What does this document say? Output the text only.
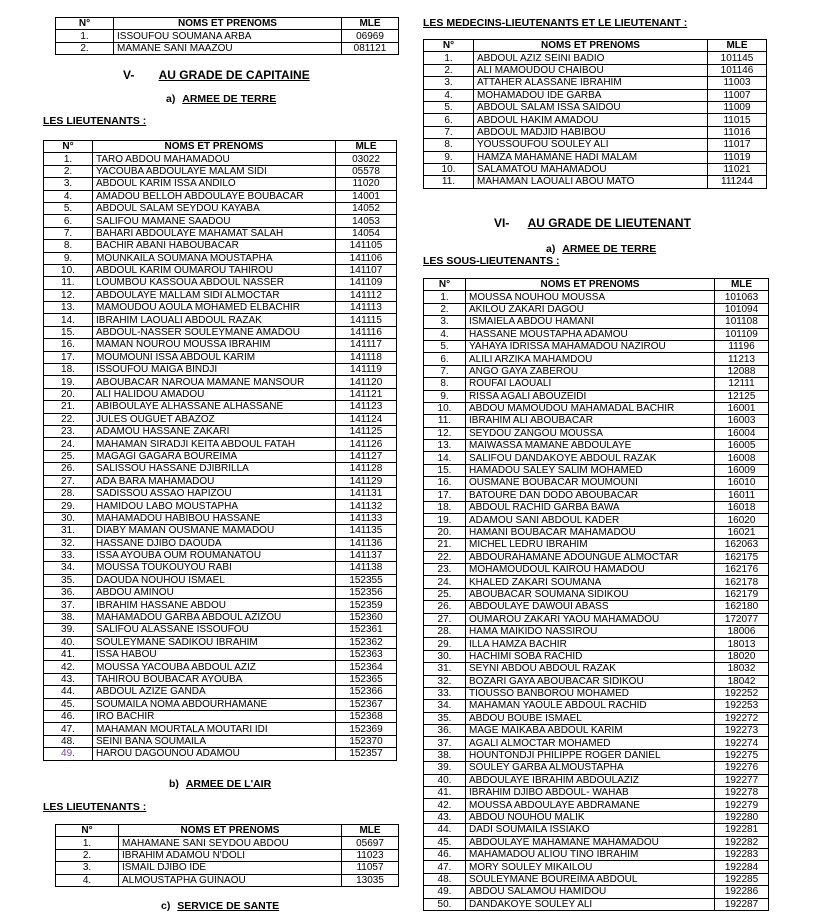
N°	NOMS ET PRENOMS	MLE
1.	ISSOUFOU SOUMANA ARBA	06969
2.	MAMANE SANI MAAZOU	081121
V- AU GRADE DE CAPITAINE
a) ARMEE DE TERRE
LES LIEUTENANTS :
N°	NOMS ET PRENOMS	MLE
1.	TARO ABDOU MAHAMADOU	03022
2.	YACOUBA ABDOULAYE MALAM SIDI	05578
3.	ABDOUL KARIM ISSA ANDILO	11020
4.	AMADOU BELLOH ABDOULAYE BOUBACAR	14001
5.	ABDOUL SALAM SEYDOU KAYABA	14052
6.	SALIFOU MAMANE SAADOU	14053
7.	BAHARI ABDOULAYE MAHAMAT SALAH	14054
8.	BACHIR ABANI HABOUBACAR	141105
9.	MOUNKAILA SOUMANA MOUSTAPHA	141106
10.	ABDOUL KARIM OUMAROU TAHIROU	141107
11.	LOUMBOU KASSOUA ABDOUL NASSER	141109
12.	ABDOULAYE MALLAM SIDI ALMOCTAR	141112
13.	MAMOUDOU AOULA MOHAMED ELBACHIR	141113
14.	IBRAHIM LAOUALI ABDOUL RAZAK	141115
15.	ABDOUL-NASSER SOULEYMANE AMADOU	141116
16.	MAMAN NOUROU MOUSSA IBRAHIM	141117
17.	MOUMOUNI ISSA ABDOUL KARIM	141118
18.	ISSOUFOU MAIGA BINDJI	141119
19.	ABOUBACAR NAROUA MAMANE MANSOUR	141120
20.	ALI HALIDOU AMADOU	141121
21.	ABIBOULAYE ALHASSANE ALHASSANE	141123
22.	JULES OUGUET ABAZOZ	141124
23.	ADAMOU HASSANE ZAKARI	141125
24.	MAHAMAN SIRADJI KEITA ABDOUL FATAH	141126
25.	MAGAGI GAGARA BOUREIMA	141127
26.	SALISSOU HASSANE DJIBRILLA	141128
27.	ADA BARA MAHAMADOU	141129
28.	SADISSOU ASSAO HAPIZOU	141131
29.	HAMIDOU LABO MOUSTAPHA	141132
30.	MAHAMADOU HABIBOU HASSANE	141133
31.	DIABY MAMAN OUSMANE MAMADOU	141135
32.	HASSANE DJIBO DAOUDA	141136
33.	ISSA AYOUBA OUM ROUMANATOU	141137
34.	MOUSSA TOUKOUYOU RABI	141138
35.	DAOUDA NOUHOU ISMAEL	152355
36.	ABDOU AMINOU	152356
37.	IBRAHIM HASSANE ABDOU	152359
38.	MAHAMADOU GARBA ABDOUL AZIZOU	152360
39.	SALIFOU ALASSANE ISSOUFOU	152361
40.	SOULEYMANE SADIKOU IBRAHIM	152362
41.	ISSA HABOU	152363
42.	MOUSSA YACOUBA ABDOUL AZIZ	152364
43.	TAHIROU BOUBACAR AYOUBA	152365
44.	ABDOUL AZIZE GANDA	152366
45.	SOUMAILA NOMA ABDOURHAMANE	152367
46.	IRO BACHIR	152368
47.	MAHAMAN MOURTALA MOUTARI IDI	152369
48.	SEINI BANA SOUMAILA	152370
49.	HAROU DAGOUNOU ADAMOU	152357
b) ARMEE DE L'AIR
LES LIEUTENANTS :
N°	NOMS ET PRENOMS	MLE
1.	MAHAMANE SANI SEYDOU ABDOU	05697
2.	IBRAHIM ADAMOU N'DOLI	11023
3.	ISMAIL DJIBO IDE	11057
4.	ALMOUSTAPHA GUINAOU	13035
c) SERVICE DE SANTE
LES MEDECINS-LIEUTENANTS ET LE LIEUTENANT :
N°	NOMS ET PRENOMS	MLE
1.	ABDOUL AZIZ SEINI BADIO	101145
2.	ALI MAMOUDOU CHAIBOU	101146
3.	ATTAHER ALASSANE IBRAHIM	11003
4.	MOHAMADOU IDE GARBA	11007
5.	ABDOUL SALAM ISSA SAIDOU	11009
6.	ABDOUL HAKIM AMADOU	11015
7.	ABDOUL MADJID HABIBOU	11016
8.	YOUSSOUFOU SOULEY ALI	11017
9.	HAMZA MAHAMANE HADI MALAM	11019
10.	SALAMATOU MAHAMADOU	11021
11.	MAHAMAN LAOUALI ABOU MATO	111244
VI- AU GRADE DE LIEUTENANT
a) ARMEE DE TERRE
LES SOUS-LIEUTENANTS :
N°	NOMS ET PRENOMS	MLE
1.	MOUSSA NOUHOU MOUSSA	101063
2.	AKILOU ZAKARI DAGOU	101094
3.	ISMAIELA ABDOU HAMANI	101108
4.	HASSANE MOUSTAPHA ADAMOU	101109
5.	YAHAYA IDRISSA MAHAMADOU NAZIROU	11196
6.	ALILI ARZIKA MAHAMDOU	11213
7.	ANGO GAYA ZABEROU	12088
8.	ROUFAI LAOUALI	12111
9.	RISSA AGALI ABOUZEIDI	12125
10.	ABDOU MAMOUDOU MAHAMADAL BACHIR	16001
11.	IBRAHIM ALI ABOUBACAR	16003
12.	SEYDOU ZANGOU MOUSSA	16004
13.	MAIWASSA MAMANE ABDOULAYE	16005
14.	SALIFOU DANDAKOYE ABDOUL RAZAK	16008
15.	HAMADOU SALEY SALIM MOHAMED	16009
16.	OUSMANE BOUBACAR MOUMOUNI	16010
17.	BATOURE DAN DODO ABOUBACAR	16011
18.	ABDOUL RACHID GARBA BAWA	16018
19.	ADAMOU SANI ABDOUL KADER	16020
20.	HAMANI BOUBACAR MAHAMADOU	16021
21.	MICHEL LEDRU IBRAHIM	162063
22.	ABDOURAHAMANE ADOUNGUE ALMOCTAR	162175
23.	MOHAMOUDOUL KAIROU HAMADOU	162176
24.	KHALED ZAKARI SOUMANA	162178
25.	ABOUBACAR SOUMANA SIDIKOU	162179
26.	ABDOULAYE DAWOUI ABASS	162180
27.	OUMAROU ZAKARI YAOU MAHAMADOU	172077
28.	HAMA MAIKIDO NASSIROU	18006
29.	ILLA HAMZA BACHIR	18013
30.	HACHIMI SOBA RACHID	18020
31.	SEYNI ABDOU ABDOUL RAZAK	18032
32.	BOZARI GAYA ABOUBACAR SIDIKOU	18042
33.	TIOUSSO BANBOROU MOHAMED	192252
34.	MAHAMAN YAOULE ABDOUL RACHID	192253
35.	ABDOU BOUBE ISMAEL	192272
36.	MAGE MAIKABA ABDOUL KARIM	192273
37.	AGALI ALMOCTAR MOHAMED	192274
38.	HOUNTONDJI PHILIPPE ROGER DANIEL	192275
39.	SOULEY GARBA ALMOUSTAPHA	192276
40.	ABDOULAYE IBRAHIM ABDOULAZIZ	192277
41.	IBRAHIM DJIBO ABDOUL- WAHAB	192278
42.	MOUSSA ABDOULAYE ABDRAMANE	192279
43.	ABDOU NOUHOU MALIK	192280
44.	DADI SOUMAILA ISSIAKO	192281
45.	ABDOULAYE MAHAMANE MAHAMADOU	192282
46.	MAHAMADOU ALIOU TINO IBRAHIM	192283
47.	MORY SOULEY MIKAILOU	192284
48.	SOULEYMANE BOUREIMA ABDOUL	192285
49.	ABDOU SALAMOU HAMIDOU	192286
50.	DANDAKOYE SOULEY ALI	192287
